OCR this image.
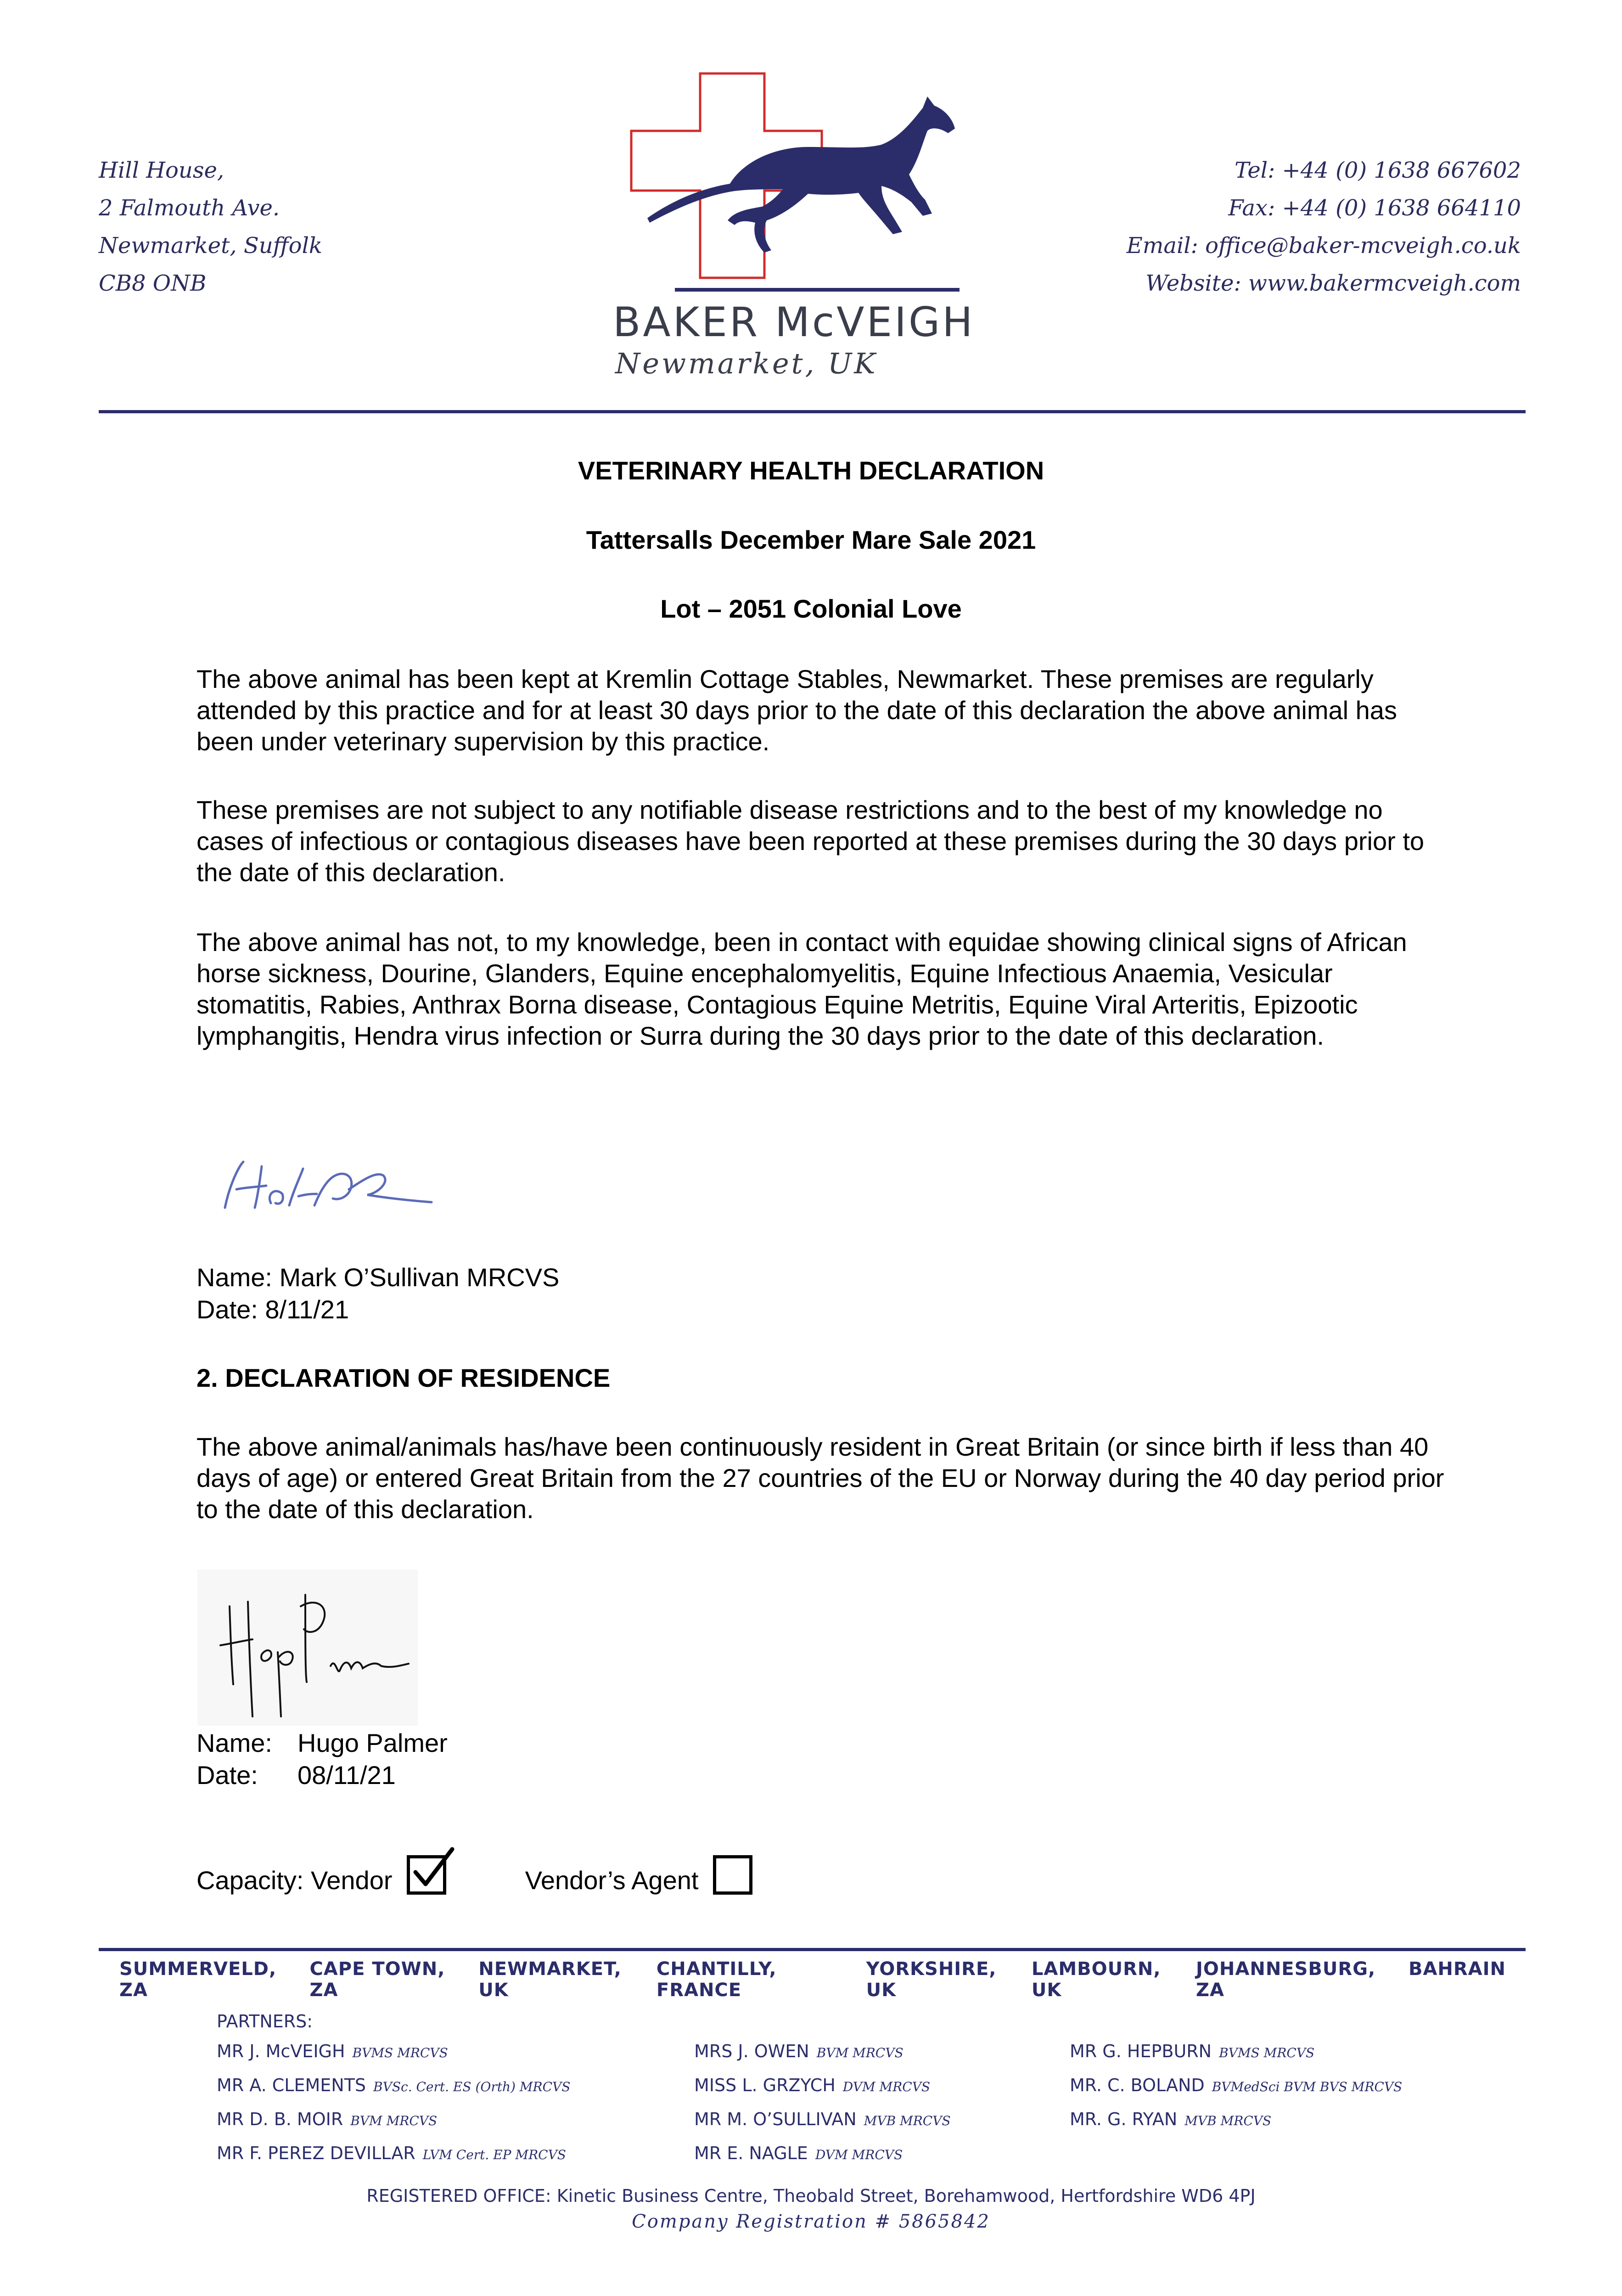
Hill House,
2 Falmouth Ave.
Newmarket, Suffolk
CB8 ONB
BAKER McVEIGH
Newmarket, UK
Tel: +44 (0) 1638 667602
Fax: +44 (0) 1638 664110
Email: office@baker-mcveigh.co.uk
Website: www.bakermcveigh.com
VETERINARY HEALTH DECLARATION
Tattersalls December Mare Sale 2021
Lot – 2051 Colonial Love
The above animal has been kept at Kremlin Cottage Stables, Newmarket. These premises are regularly attended by this practice and for at least 30 days prior to the date of this declaration the above animal has been under veterinary supervision by this practice.
These premises are not subject to any notifiable disease restrictions and to the best of my knowledge no cases of infectious or contagious diseases have been reported at these premises during the 30 days prior to the date of this declaration.
The above animal has not, to my knowledge, been in contact with equidae showing clinical signs of African horse sickness, Dourine, Glanders, Equine encephalomyelitis, Equine Infectious Anaemia, Vesicular stomatitis, Rabies, Anthrax Borna disease, Contagious Equine Metritis, Equine Viral Arteritis, Epizootic lymphangitis, Hendra virus infection or Surra during the 30 days prior to the date of this declaration.
Name: Mark O’Sullivan MRCVS
Date: 8/11/21
2. DECLARATION OF RESIDENCE
The above animal/animals has/have been continuously resident in Great Britain (or since birth if less than 40 days of age) or entered Great Britain from the 27 countries of the EU or Norway during the 40 day period prior to the date of this declaration.
Name: Hugo Palmer
Date: 08/11/21
Capacity: Vendor	Vendor’s Agent
SUMMERVELD, ZA
CAPE TOWN, ZA
NEWMARKET, UK
CHANTILLY, FRANCE
YORKSHIRE, UK
LAMBOURN, UK
JOHANNESBURG, ZA
BAHRAIN
PARTNERS:
MR J. McVEIGH BVMS MRCVS
MR A. CLEMENTS BVSc. Cert. ES (Orth) MRCVS
MR D. B. MOIR BVM MRCVS
MR F. PEREZ DEVILLAR LVM Cert. EP MRCVS
MRS J. OWEN BVM MRCVS
MISS L. GRZYCH DVM MRCVS
MR M. O’SULLIVAN MVB MRCVS
MR E. NAGLE DVM MRCVS
MR G. HEPBURN BVMS MRCVS
MR. C. BOLAND BVMedSci BVM BVS MRCVS
MR. G. RYAN MVB MRCVS
REGISTERED OFFICE: Kinetic Business Centre, Theobald Street, Borehamwood, Hertfordshire WD6 4PJ
Company Registration # 5865842
